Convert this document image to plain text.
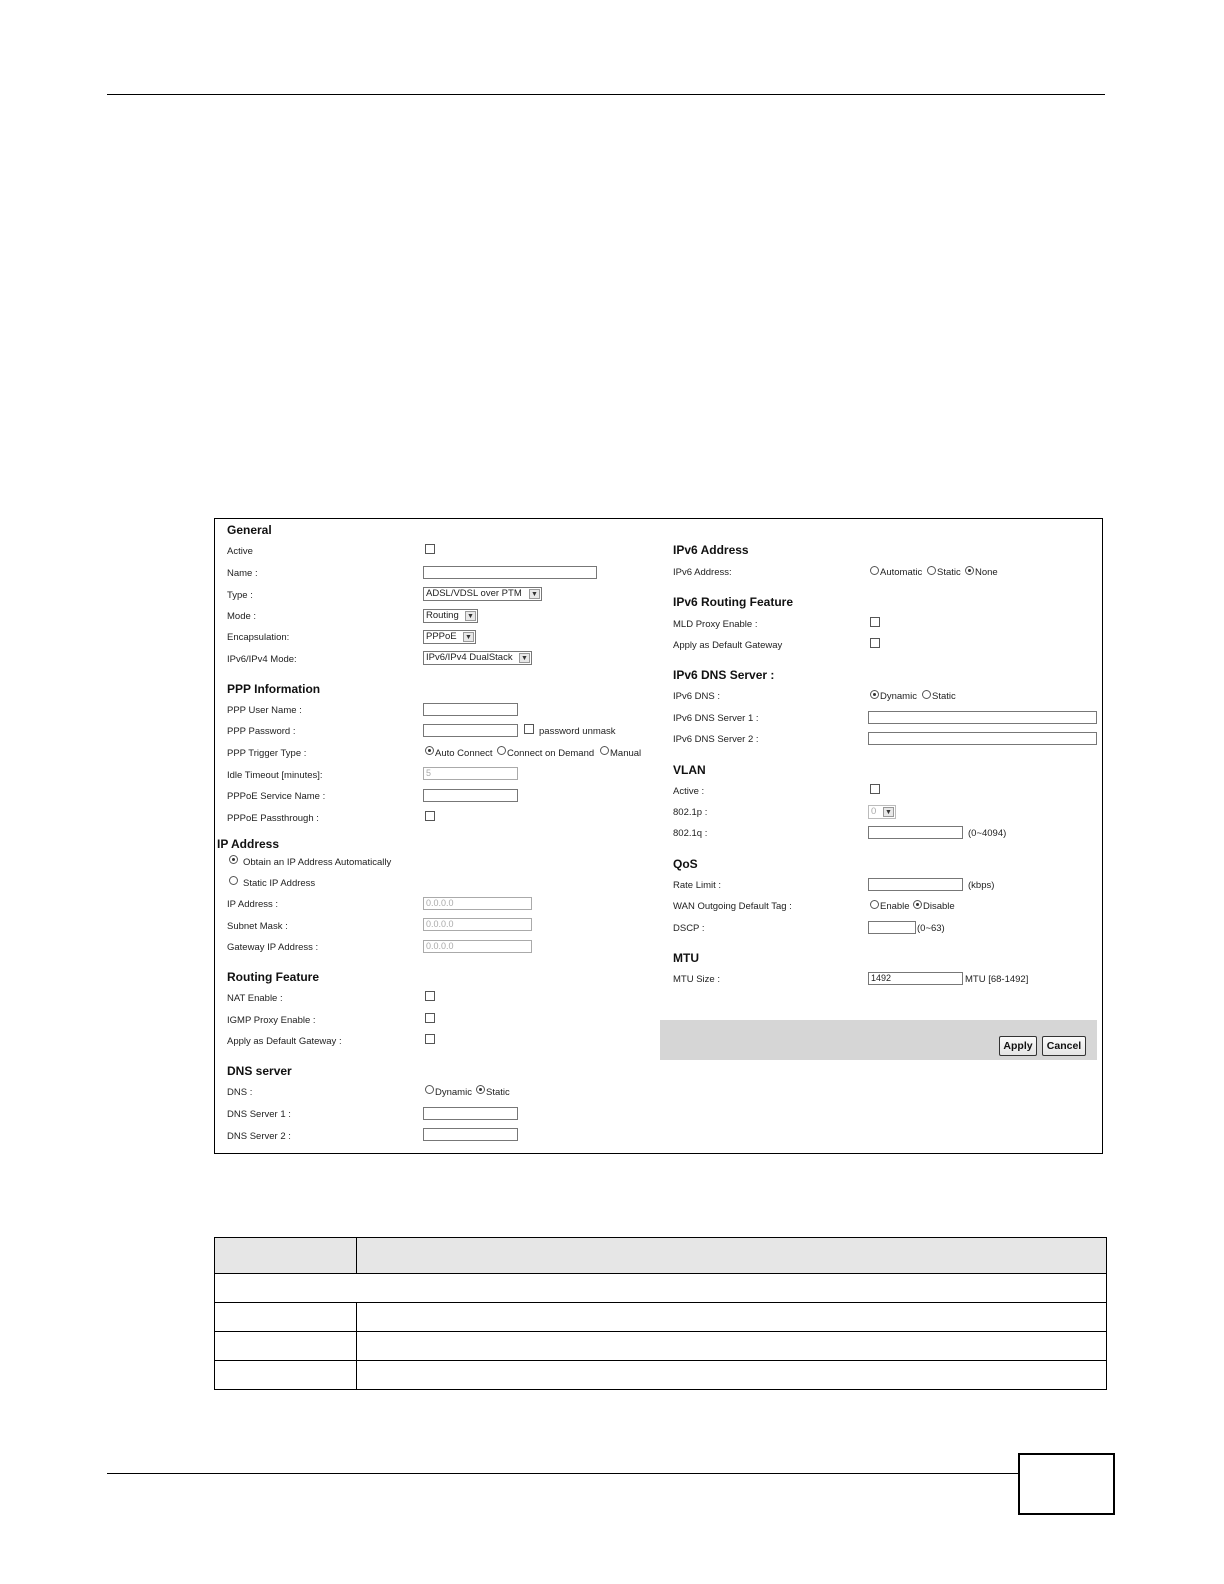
General
Active
Name :
Type :	ADSL/VDSL over PTM ▼
Mode :	Routing ▼
Encapsulation:	PPPoE ▼
IPv6/IPv4 Mode:	IPv6/IPv4 DualStack ▼
PPP Information
PPP User Name :
PPP Password :	password unmask
PPP Trigger Type :	Auto Connect Connect on Demand Manual
Idle Timeout [minutes]:	5
PPPoE Service Name :
PPPoE Passthrough :
IP Address
Obtain an IP Address Automatically
Static IP Address
IP Address :	0.0.0.0
Subnet Mask :	0.0.0.0
Gateway IP Address :	0.0.0.0
Routing Feature
NAT Enable :
IGMP Proxy Enable :
Apply as Default Gateway :
DNS server
DNS :	Dynamic Static
DNS Server 1 :
DNS Server 2 :
IPv6 Address
IPv6 Address:	Automatic Static None
IPv6 Routing Feature
MLD Proxy Enable :
Apply as Default Gateway
IPv6 DNS Server :
IPv6 DNS :	Dynamic Static
IPv6 DNS Server 1 :
IPv6 DNS Server 2 :
VLAN
Active :
802.1p :	0 ▼
802.1q :	(0~4094)
QoS
Rate Limit :	(kbps)
WAN Outgoing Default Tag :	Enable Disable
DSCP :	(0~63)
MTU
MTU Size :	1492	MTU [68-1492]
Apply	Cancel
